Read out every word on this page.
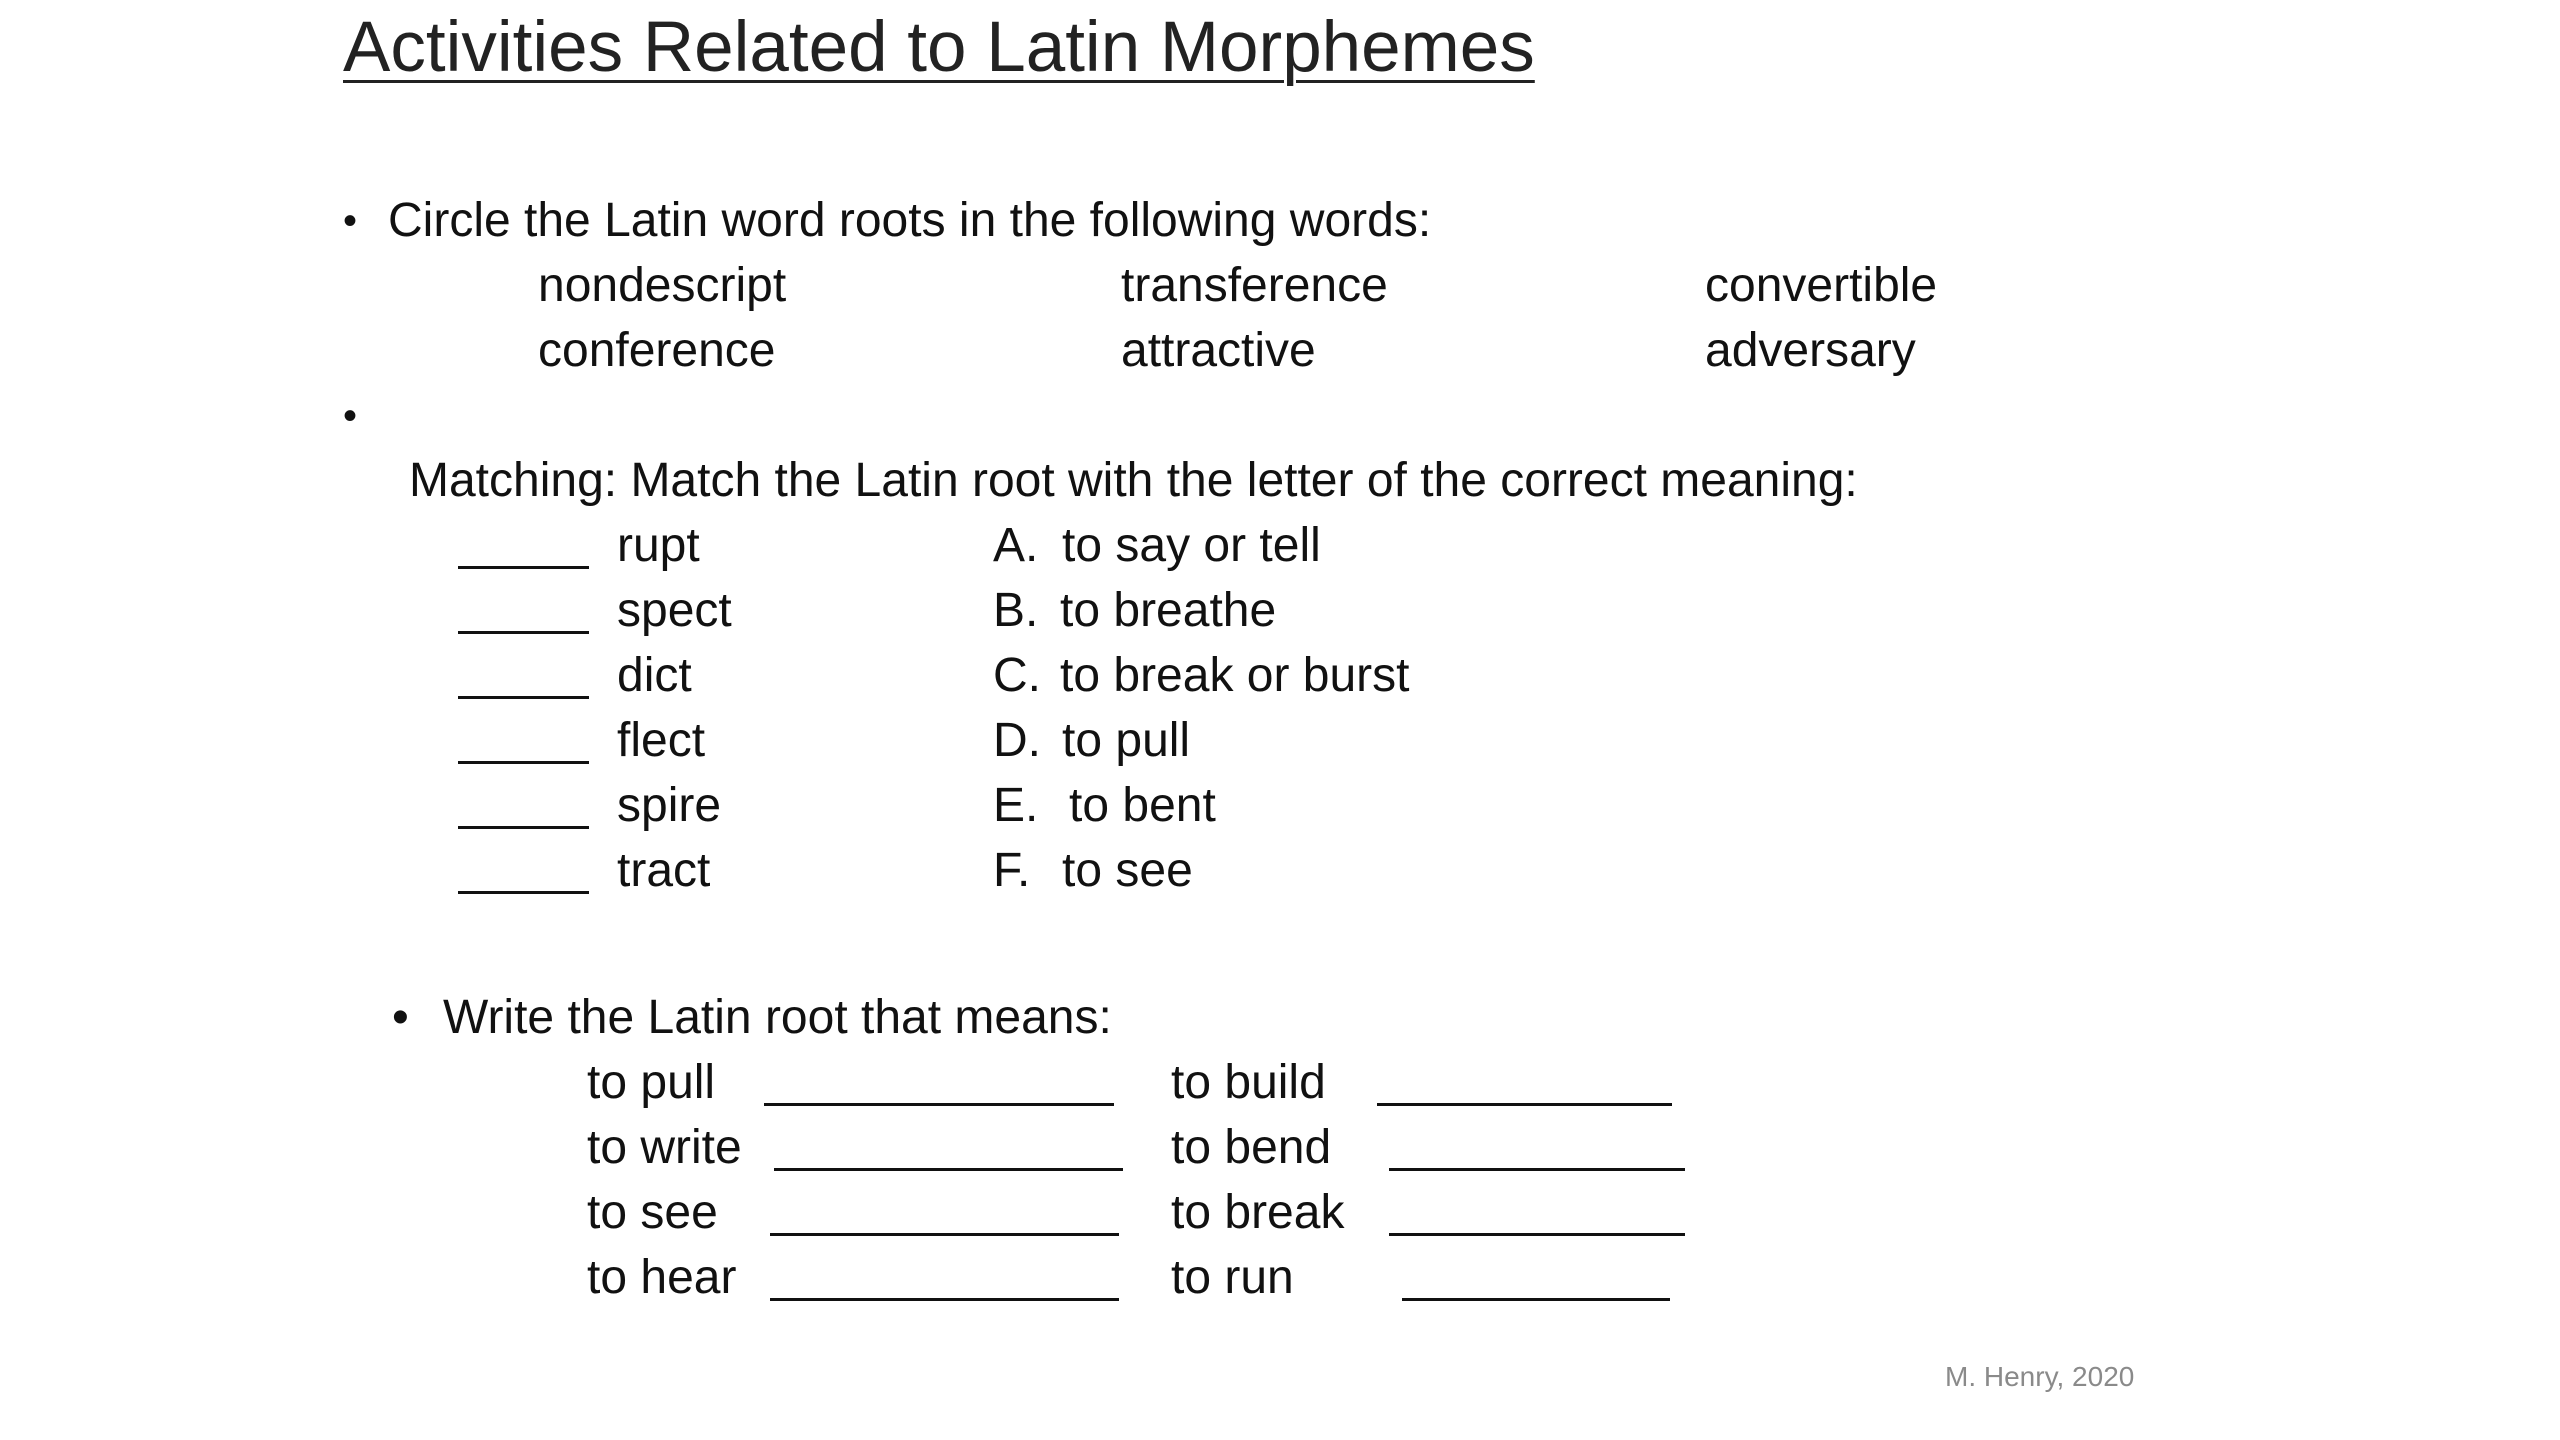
Activities Related to Latin Morphemes
• Circle the Latin word roots in the following words:
nondescript	transference	convertible
conference	attractive	adversary
•
Matching: Match the Latin root with the letter of the correct meaning:
rupt	A. to say or tell
spect	B. to breathe
dict	C. to break or burst
flect	D. to pull
spire	E. to bent
tract	F. to see
• Write the Latin root that means:
to pull	to build
to write	to bend
to see	to break
to hear	to run
M. Henry, 2020
